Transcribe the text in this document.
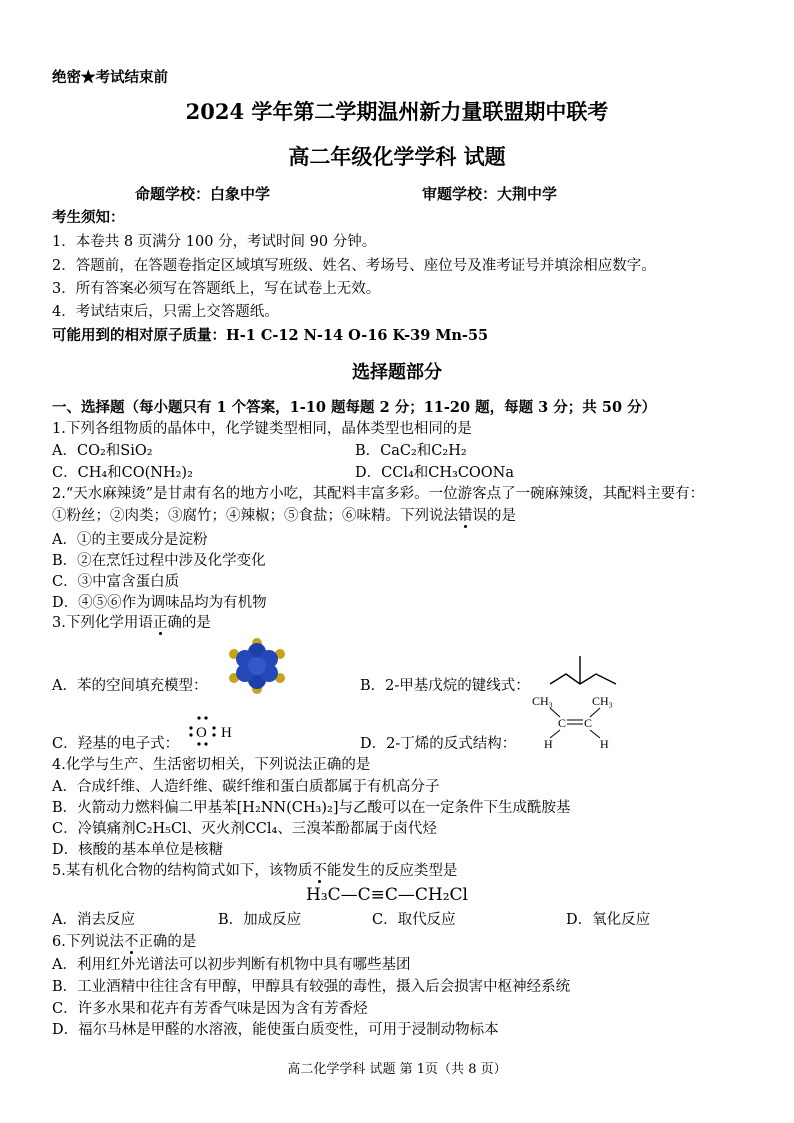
绝密★考试结束前
2024 学年第二学期温州新力量联盟期中联考
高二年级化学学科 试题
命题学校：白象中学	审题学校：大荆中学
考生须知：
1．本卷共 8 页满分 100 分，考试时间 90 分钟。
2．答题前，在答题卷指定区域填写班级、姓名、考场号、座位号及准考证号并填涂相应数字。
3．所有答案必须写在答题纸上，写在试卷上无效。
4．考试结束后，只需上交答题纸。
可能用到的相对原子质量：H-1 C-12 N-14 O-16 K-39 Mn-55
选择题部分
一、选择题（每小题只有 1 个答案，1-10 题每题 2 分；11-20 题，每题 3 分；共 50 分）
1.下列各组物质的晶体中，化学键类型相同，晶体类型也相同的是
A．CO₂和SiO₂	B．CaC₂和C₂H₂
C．CH₄和CO(NH₂)₂	D．CCl₄和CH₃COONa
2.“天水麻辣烫”是甘肃有名的地方小吃，其配料丰富多彩。一位游客点了一碗麻辣烫，其配料主要有：
①粉丝；②肉类；③腐竹；④辣椒；⑤食盐；⑥味精。下列说法错误的是
A．①的主要成分是淀粉
B．②在烹饪过程中涉及化学变化
C．③中富含蛋白质
D．④⑤⑥作为调味品均为有机物
3.下列化学用语正确的是
A．苯的空间填充模型：	B．2-甲基戊烷的键线式：
C．羟基的电子式：
O H
D．2-丁烯的反式结构：
CH₃	CH₃
C C
H	H
4.化学与生产、生活密切相关，下列说法正确的是
A．合成纤维、人造纤维、碳纤维和蛋白质都属于有机高分子
B．火箭动力燃料偏二甲基苯[H₂NN(CH₃)₂]与乙酸可以在一定条件下生成酰胺基
C．冷镇痛剂C₂H₅Cl、灭火剂CCl₄、三溴苯酚都属于卤代烃
D．核酸的基本单位是核糖
5.某有机化合物的结构简式如下，该物质不能发生的反应类型是
H₃C—C≡C—CH₂Cl
A．消去反应	B．加成反应	C．取代反应	D．氧化反应
6.下列说法不正确的是
A．利用红外光谱法可以初步判断有机物中具有哪些基团
B．工业酒精中往往含有甲醇，甲醇具有较强的毒性，摄入后会损害中枢神经系统
C．许多水果和花卉有芳香气味是因为含有芳香烃
D．福尔马林是甲醛的水溶液，能使蛋白质变性，可用于浸制动物标本
高二化学学科 试题 第 1页（共 8 页）
